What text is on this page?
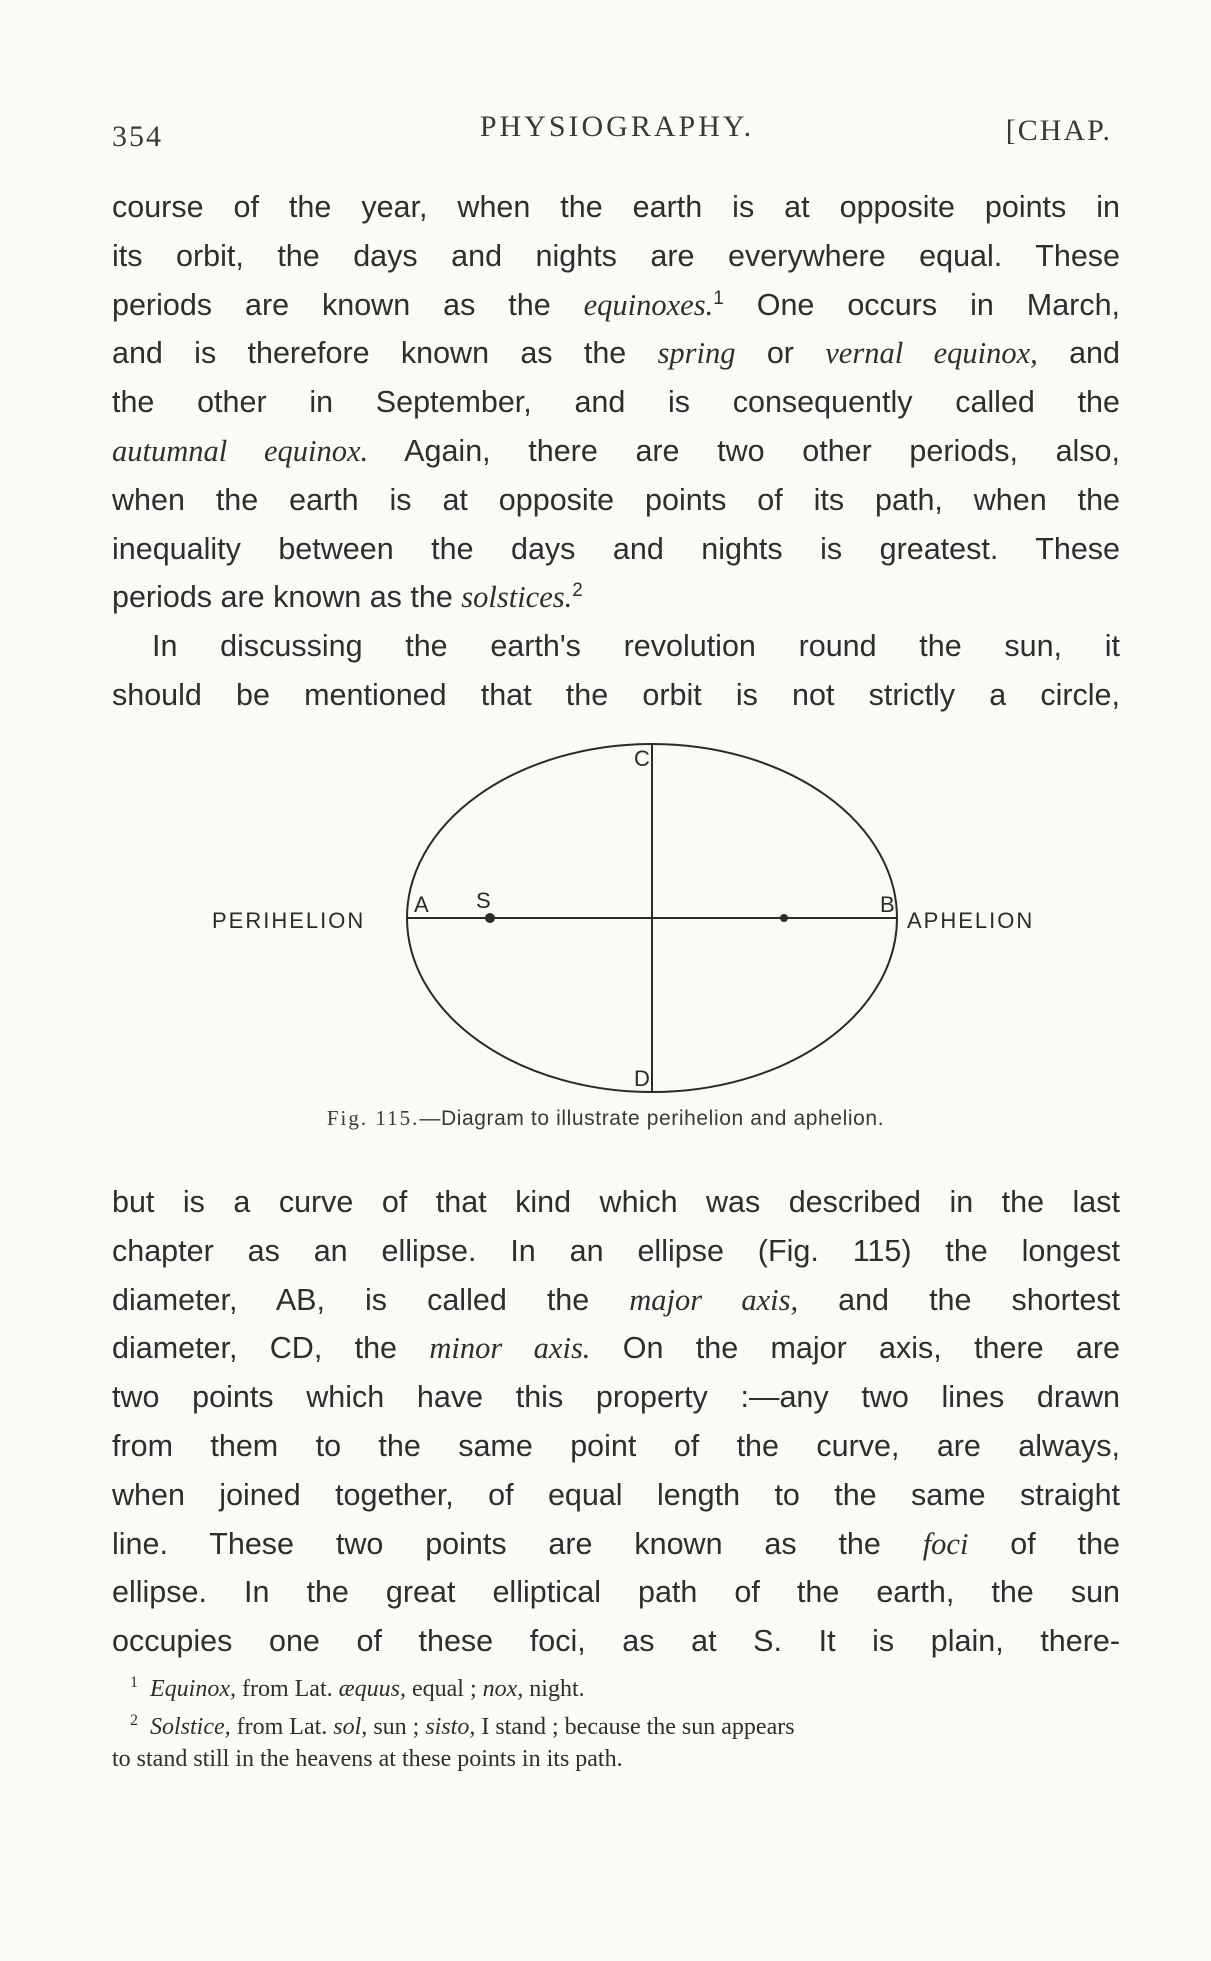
354	PHYSIOGRAPHY.	[CHAP.
course of the year, when the earth is at opposite points in
its orbit, the days and nights are everywhere equal. These
periods are known as the equinoxes.$^1$ One occurs in March,
and is therefore known as the spring or vernal equinox, and
the other in September, and is consequently called the
autumnal equinox. Again, there are two other periods, also,
when the earth is at opposite points of its path, when the
inequality between the days and nights is greatest. These
periods are known as the solstices.$^2$
In discussing the earth's revolution round the sun, it
should be mentioned that the orbit is not strictly a circle,
PERIHELION	APHELION
A	B
C
D
S
Fig. 115.—Diagram to illustrate perihelion and aphelion.
but is a curve of that kind which was described in the last
chapter as an ellipse. In an ellipse (Fig. 115) the longest
diameter, AB, is called the major axis, and the shortest
diameter, CD, the minor axis. On the major axis, there are
two points which have this property :—any two lines drawn
from them to the same point of the curve, are always,
when joined together, of equal length to the same straight
line. These two points are known as the foci of the
ellipse. In the great elliptical path of the earth, the sun
occupies one of these foci, as at S. It is plain, there-
$^1$ Equinox, from Lat. æquus, equal ; nox, night.
$^2$ Solstice, from Lat. sol, sun ; sisto, I stand ; because the sun appears
to stand still in the heavens at these points in its path.
